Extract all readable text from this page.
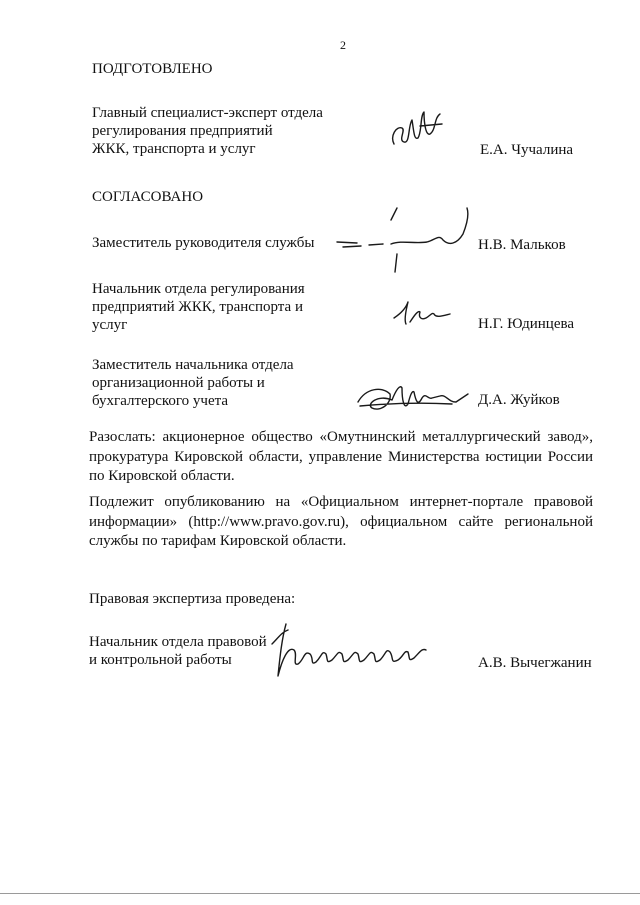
2
ПОДГОТОВЛЕНО
Главный специалист-эксперт отдела
регулирования предприятий
ЖКК, транспорта и услуг	Е.А. Чучалина
СОГЛАСОВАНО
Заместитель руководителя службы	Н.В. Мальков
Начальник отдела регулирования
предприятий ЖКК, транспорта и
услуг	Н.Г. Юдинцева
Заместитель начальника отдела
организационной работы и
бухгалтерского учета	Д.А. Жуйков
Разослать: акционерное общество «Омутнинский металлургический завод», прокуратура Кировской области, управление Министерства юстиции России по Кировской области.
Подлежит опубликованию на «Официальном интернет-портале правовой информации» (http://www.pravo.gov.ru), официальном сайте региональной службы по тарифам Кировской области.
Правовая экспертиза проведена:
Начальник отдела правовой
и контрольной работы	А.В. Вычегжанин
